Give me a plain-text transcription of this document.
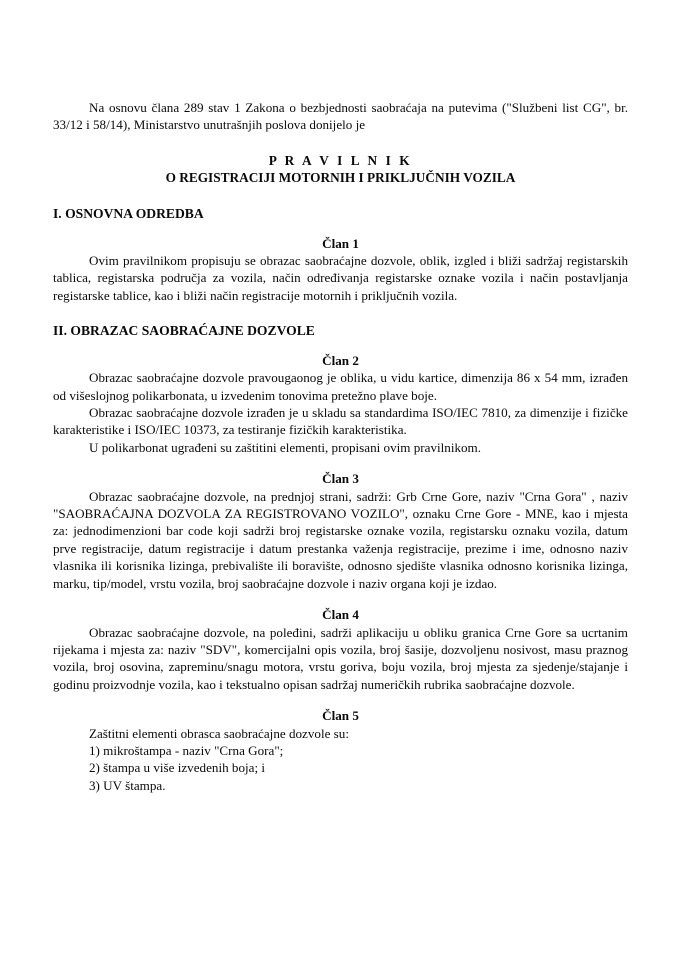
Na osnovu člana 289 stav 1 Zakona o bezbjednosti saobraćaja na putevima ("Službeni list CG", br. 33/12 i 58/14), Ministarstvo unutrašnjih poslova donijelo je

P R A V I L N I K

O REGISTRACIJI MOTORNIH I PRIKLJUČNIH VOZILA

I. OSNOVNA ODREDBA

Član 1

Ovim pravilnikom propisuju se obrazac saobraćajne dozvole, oblik, izgled i bliži sadržaj registarskih tablica, registarska područja za vozila, način određivanja registarske oznake vozila i način postavljanja registarske tablice, kao i bliži način registracije motornih i priključnih vozila.

II. OBRAZAC SAOBRAĆAJNE DOZVOLE

Član 2

Obrazac saobraćajne dozvole pravougaonog je oblika, u vidu kartice, dimenzija 86 x 54 mm, izrađen od višeslojnog polikarbonata, u izvedenim tonovima pretežno plave boje.

Obrazac saobraćajne dozvole izrađen je u skladu sa standardima ISO/IEC 7810, za dimenzije i fizičke karakteristike i ISO/IEC 10373, za testiranje fizičkih karakteristika.

U polikarbonat ugrađeni su zaštitini elementi, propisani ovim pravilnikom.

Član 3

Obrazac saobraćajne dozvole, na prednjoj strani, sadrži: Grb Crne Gore, naziv "Crna Gora" , naziv "SAOBRAĆAJNA DOZVOLA ZA REGISTROVANO VOZILO", oznaku Crne Gore - MNE, kao i mjesta za: jednodimenzioni bar code koji sadrži broj registarske oznake vozila, registarsku oznaku vozila, datum prve registracije, datum registracije i datum prestanka važenja registracije, prezime i ime, odnosno naziv vlasnika ili korisnika lizinga, prebivalište ili boravište, odnosno sjedište vlasnika odnosno korisnika lizinga, marku, tip/model, vrstu vozila, broj saobraćajne dozvole i naziv organa koji je izdao.

Član 4

Obrazac saobraćajne dozvole, na poleđini, sadrži aplikaciju u obliku granica Crne Gore sa ucrtanim rijekama i mjesta za: naziv "SDV", komercijalni opis vozila, broj šasije, dozvoljenu nosivost, masu praznog vozila, broj osovina, zapreminu/snagu motora, vrstu goriva, boju vozila, broj mjesta za sjedenje/stajanje i godinu proizvodnje vozila, kao i tekstualno opisan sadržaj numeričkih rubrika saobraćajne dozvole.

Član 5

Zaštitni elementi obrasca saobraćajne dozvole su:

1) mikroštampa - naziv "Crna Gora";

2) štampa u više izvedenih boja; i

3) UV štampa.
